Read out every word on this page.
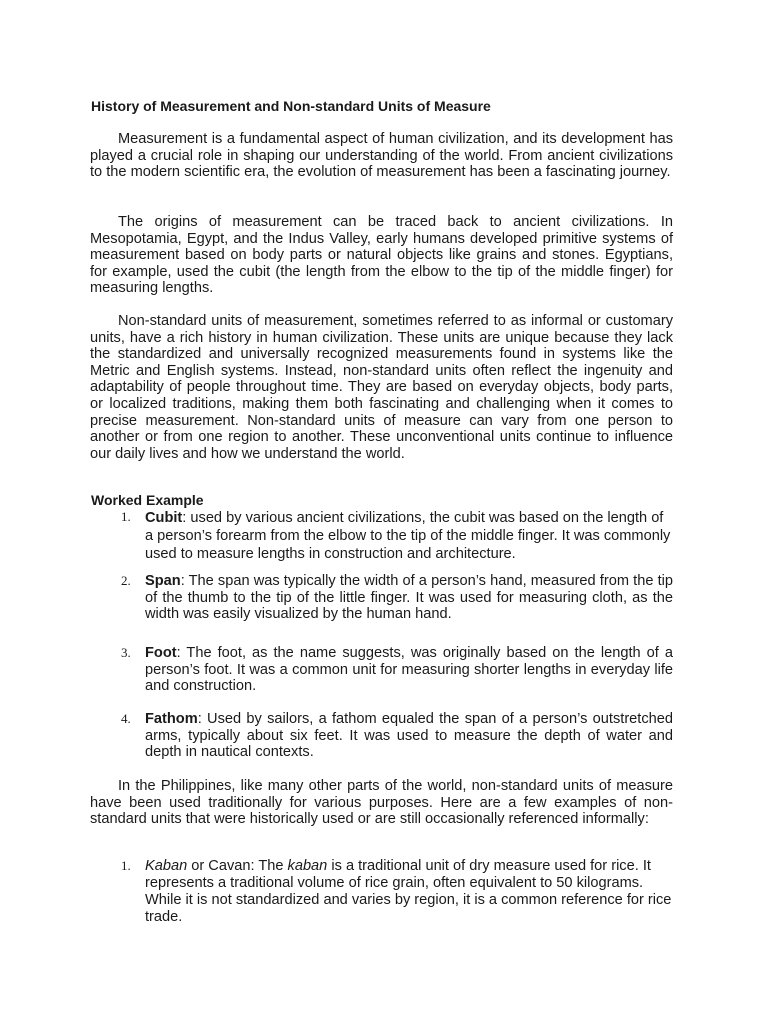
History of Measurement and Non-standard Units of Measure

Measurement is a fundamental aspect of human civilization, and its development has played a crucial role in shaping our understanding of the world. From ancient civilizations to the modern scientific era, the evolution of measurement has been a fascinating journey.

The origins of measurement can be traced back to ancient civilizations. In Mesopotamia, Egypt, and the Indus Valley, early humans developed primitive systems of measurement based on body parts or natural objects like grains and stones. Egyptians, for example, used the cubit (the length from the elbow to the tip of the middle finger) for measuring lengths.

Non-standard units of measurement, sometimes referred to as informal or customary units, have a rich history in human civilization. These units are unique because they lack the standardized and universally recognized measurements found in systems like the Metric and English systems. Instead, non-standard units often reflect the ingenuity and adaptability of people throughout time. They are based on everyday objects, body parts, or localized traditions, making them both fascinating and challenging when it comes to precise measurement. Non-standard units of measure can vary from one person to another or from one region to another. These unconventional units continue to influence our daily lives and how we understand the world.

Worked Example
1. Cubit: used by various ancient civilizations, the cubit was based on the length of a person’s forearm from the elbow to the tip of the middle finger. It was commonly used to measure lengths in construction and architecture.
2. Span: The span was typically the width of a person’s hand, measured from the tip of the thumb to the tip of the little finger. It was used for measuring cloth, as the width was easily visualized by the human hand.
3. Foot: The foot, as the name suggests, was originally based on the length of a person’s foot. It was a common unit for measuring shorter lengths in everyday life and construction.
4. Fathom: Used by sailors, a fathom equaled the span of a person’s outstretched arms, typically about six feet. It was used to measure the depth of water and depth in nautical contexts.

In the Philippines, like many other parts of the world, non-standard units of measure have been used traditionally for various purposes. Here are a few examples of non-standard units that were historically used or are still occasionally referenced informally:

1. Kaban or Cavan: The kaban is a traditional unit of dry measure used for rice. It represents a traditional volume of rice grain, often equivalent to 50 kilograms. While it is not standardized and varies by region, it is a common reference for rice trade.
